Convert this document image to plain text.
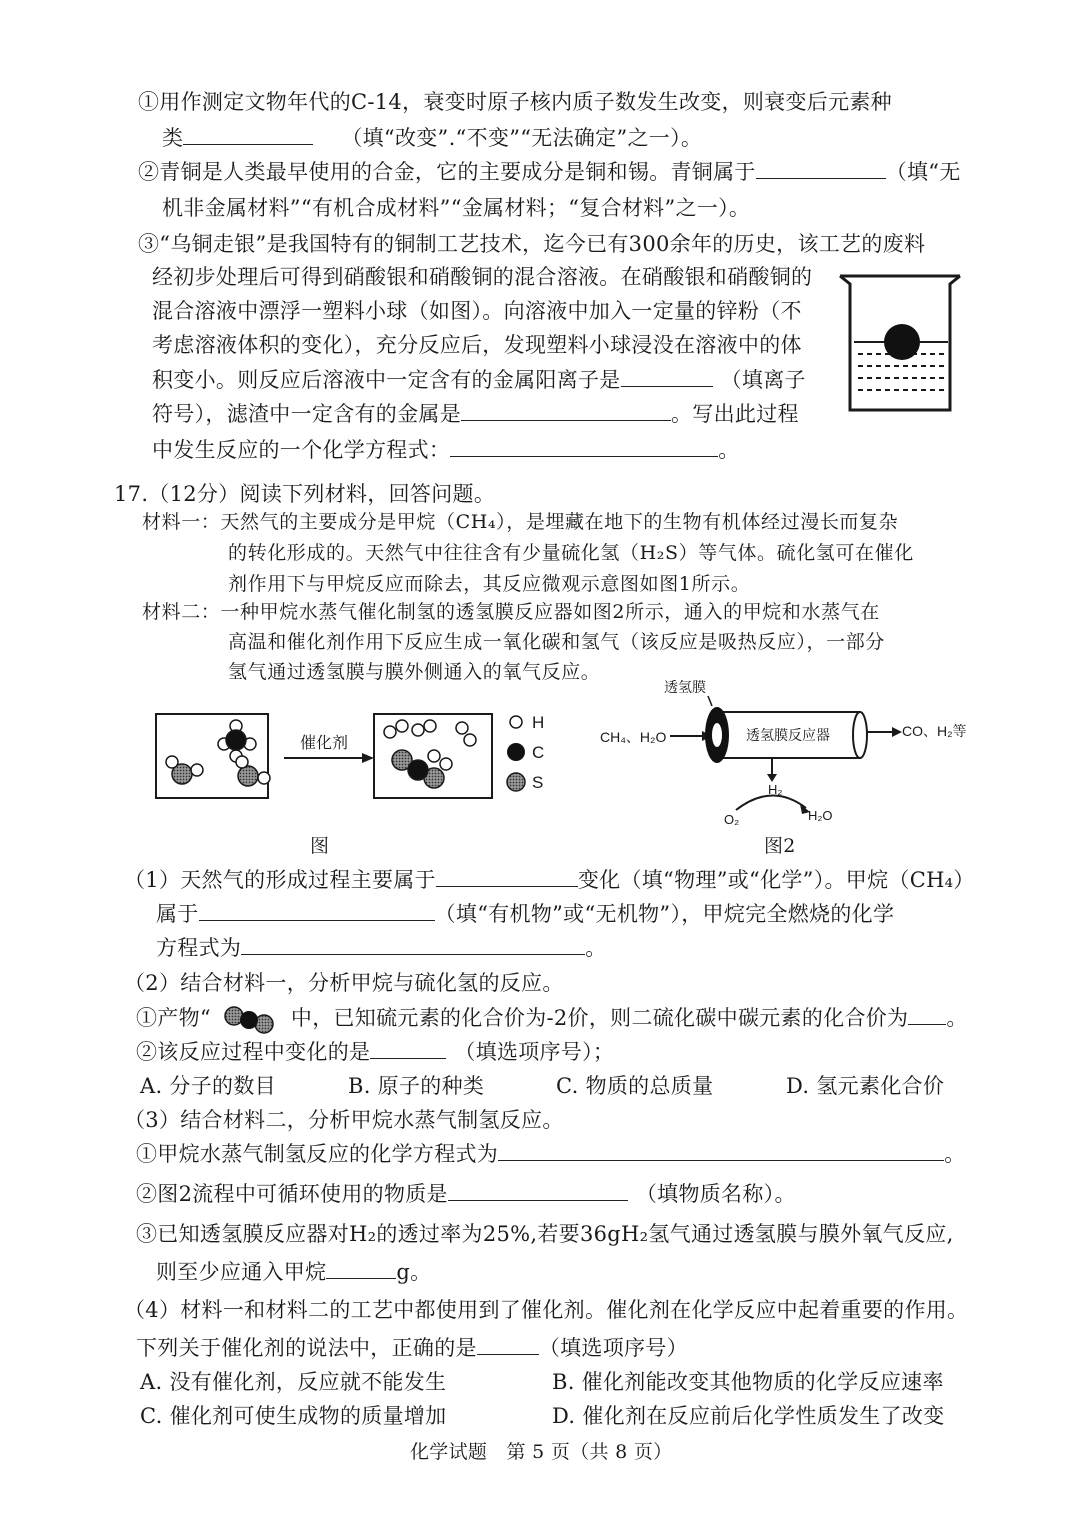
①用作测定文物年代的C-14，衰变时原子核内质子数发生改变，则衰变后元素种
类	（填“改变”.“不变”“无法确定”之一）。
②青铜是人类最早使用的合金，它的主要成分是铜和锡。青铜属于	（填“无
机非金属材料”“有机合成材料”“金属材料；“复合材料”之一）。
③“乌铜走银”是我国特有的铜制工艺技术，迄今已有300余年的历史，该工艺的废料
经初步处理后可得到硝酸银和硝酸铜的混合溶液。在硝酸银和硝酸铜的
混合溶液中漂浮一塑料小球（如图）。向溶液中加入一定量的锌粉（不
考虑溶液体积的变化），充分反应后，发现塑料小球浸没在溶液中的体
积变小。则反应后溶液中一定含有的金属阳离子是	（填离子
符号），滤渣中一定含有的金属是	。写出此过程
中发生反应的一个化学方程式：	。
17.（12分）阅读下列材料，回答问题。
材料一：天然气的主要成分是甲烷（CH₄），是埋藏在地下的生物有机体经过漫长而复杂
的转化形成的。天然气中往往含有少量硫化氢（H₂S）等气体。硫化氢可在催化
剂作用下与甲烷反应而除去，其反应微观示意图如图1所示。
材料二：一种甲烷水蒸气催化制氢的透氢膜反应器如图2所示，通入的甲烷和水蒸气在
高温和催化剂作用下反应生成一氧化碳和氢气（该反应是吸热反应），一部分
氢气通过透氢膜与膜外侧通入的氧气反应。
催化剂
H
C
S
图
透氢膜
CH₄、H₂O	透氢膜反应器	CO、H₂等
H₂
O₂	H₂O
图2
（1）天然气的形成过程主要属于	变化（填“物理”或“化学”）。甲烷（CH₄）
属于	（填“有机物”或“无机物”），甲烷完全燃烧的化学
方程式为	。
（2）结合材料一，分析甲烷与硫化氢的反应。
①产物“	中，已知硫元素的化合价为-2价，则二硫化碳中碳元素的化合价为 。
②该反应过程中变化的是	（填选项序号）；
A. 分子的数目	B. 原子的种类	C. 物质的总质量	D. 氢元素化合价
（3）结合材料二，分析甲烷水蒸气制氢反应。
①甲烷水蒸气制氢反应的化学方程式为	。
②图2流程中可循环使用的物质是	（填物质名称）。
③已知透氢膜反应器对H₂的透过率为25%,若要36gH₂氢气通过透氢膜与膜外氧气反应,
则至少应通入甲烷	g。
（4）材料一和材料二的工艺中都使用到了催化剂。催化剂在化学反应中起着重要的作用。
下列关于催化剂的说法中，正确的是	（填选项序号）
A. 没有催化剂，反应就不能发生	B. 催化剂能改变其他物质的化学反应速率
C. 催化剂可使生成物的质量增加	D. 催化剂在反应前后化学性质发生了改变
化学试题　第 5 页（共 8 页）
